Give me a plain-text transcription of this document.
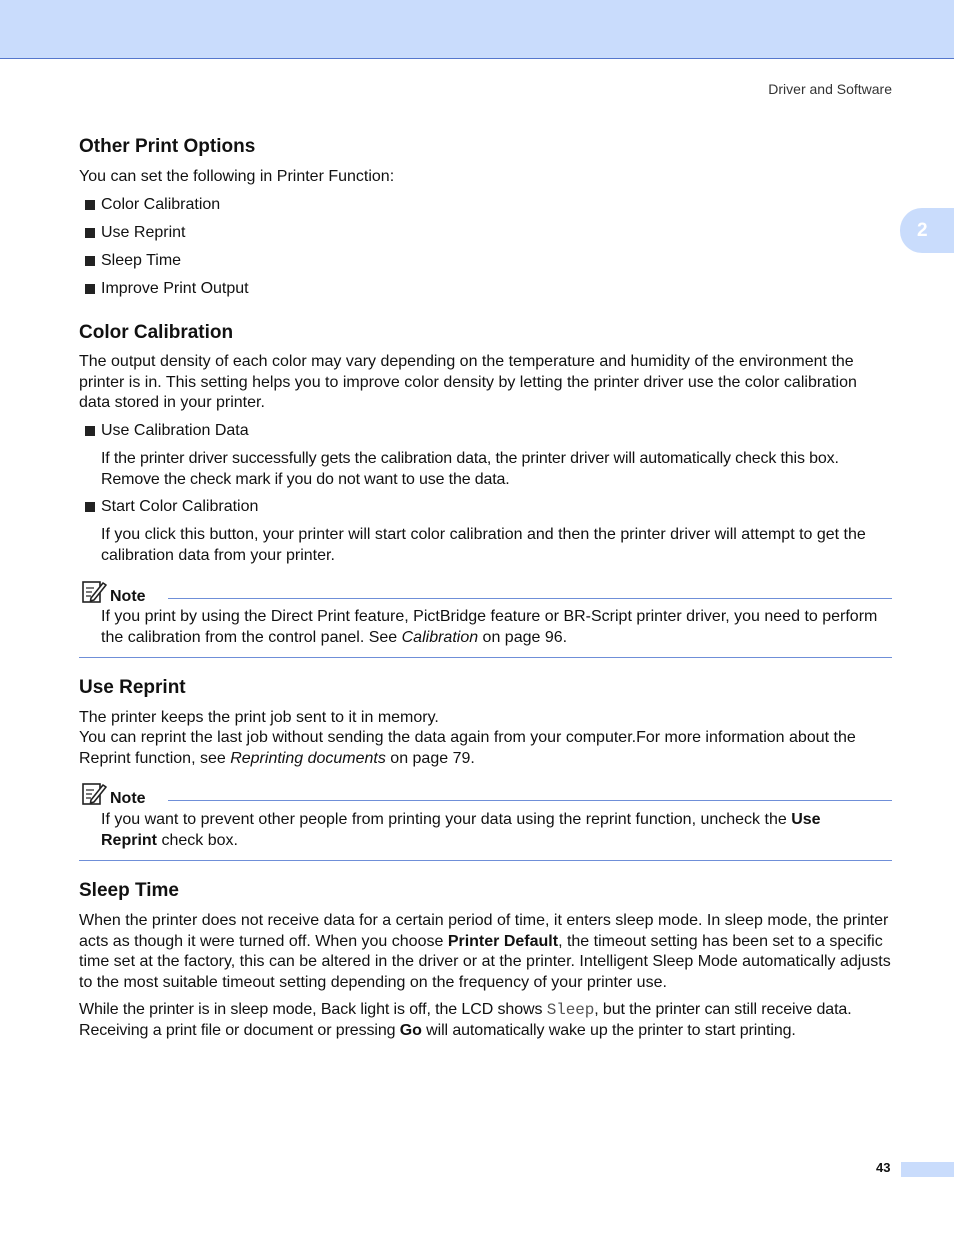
Driver and Software
2
Other Print Options

You can set the following in Printer Function:

Color Calibration
Use Reprint
Sleep Time
Improve Print Output
Color Calibration

The output density of each color may vary depending on the temperature and humidity of the environment the printer is in. This setting helps you to improve color density by letting the printer driver use the color calibration data stored in your printer.

Use Calibration Data

If the printer driver successfully gets the calibration data, the printer driver will automatically check this box. Remove the check mark if you do not want to use the data.

Start Color Calibration

If you click this button, your printer will start color calibration and then the printer driver will attempt to get the calibration data from your printer.

Note

If you print by using the Direct Print feature, PictBridge feature or BR-Script printer driver, you need to perform the calibration from the control panel. See Calibration on page 96.

Use Reprint

The printer keeps the print job sent to it in memory.

You can reprint the last job without sending the data again from your computer.For more information about the Reprint function, see Reprinting documents on page 79.

Note

If you want to prevent other people from printing your data using the reprint function, uncheck the Use Reprint check box.

Sleep Time

When the printer does not receive data for a certain period of time, it enters sleep mode. In sleep mode, the printer acts as though it were turned off. When you choose Printer Default, the timeout setting has been set to a specific time set at the factory, this can be altered in the driver or at the printer. Intelligent Sleep Mode automatically adjusts to the most suitable timeout setting depending on the frequency of your printer use.

While the printer is in sleep mode, Back light is off, the LCD shows Sleep, but the printer can still receive data. Receiving a print file or document or pressing Go will automatically wake up the printer to start printing.

43
